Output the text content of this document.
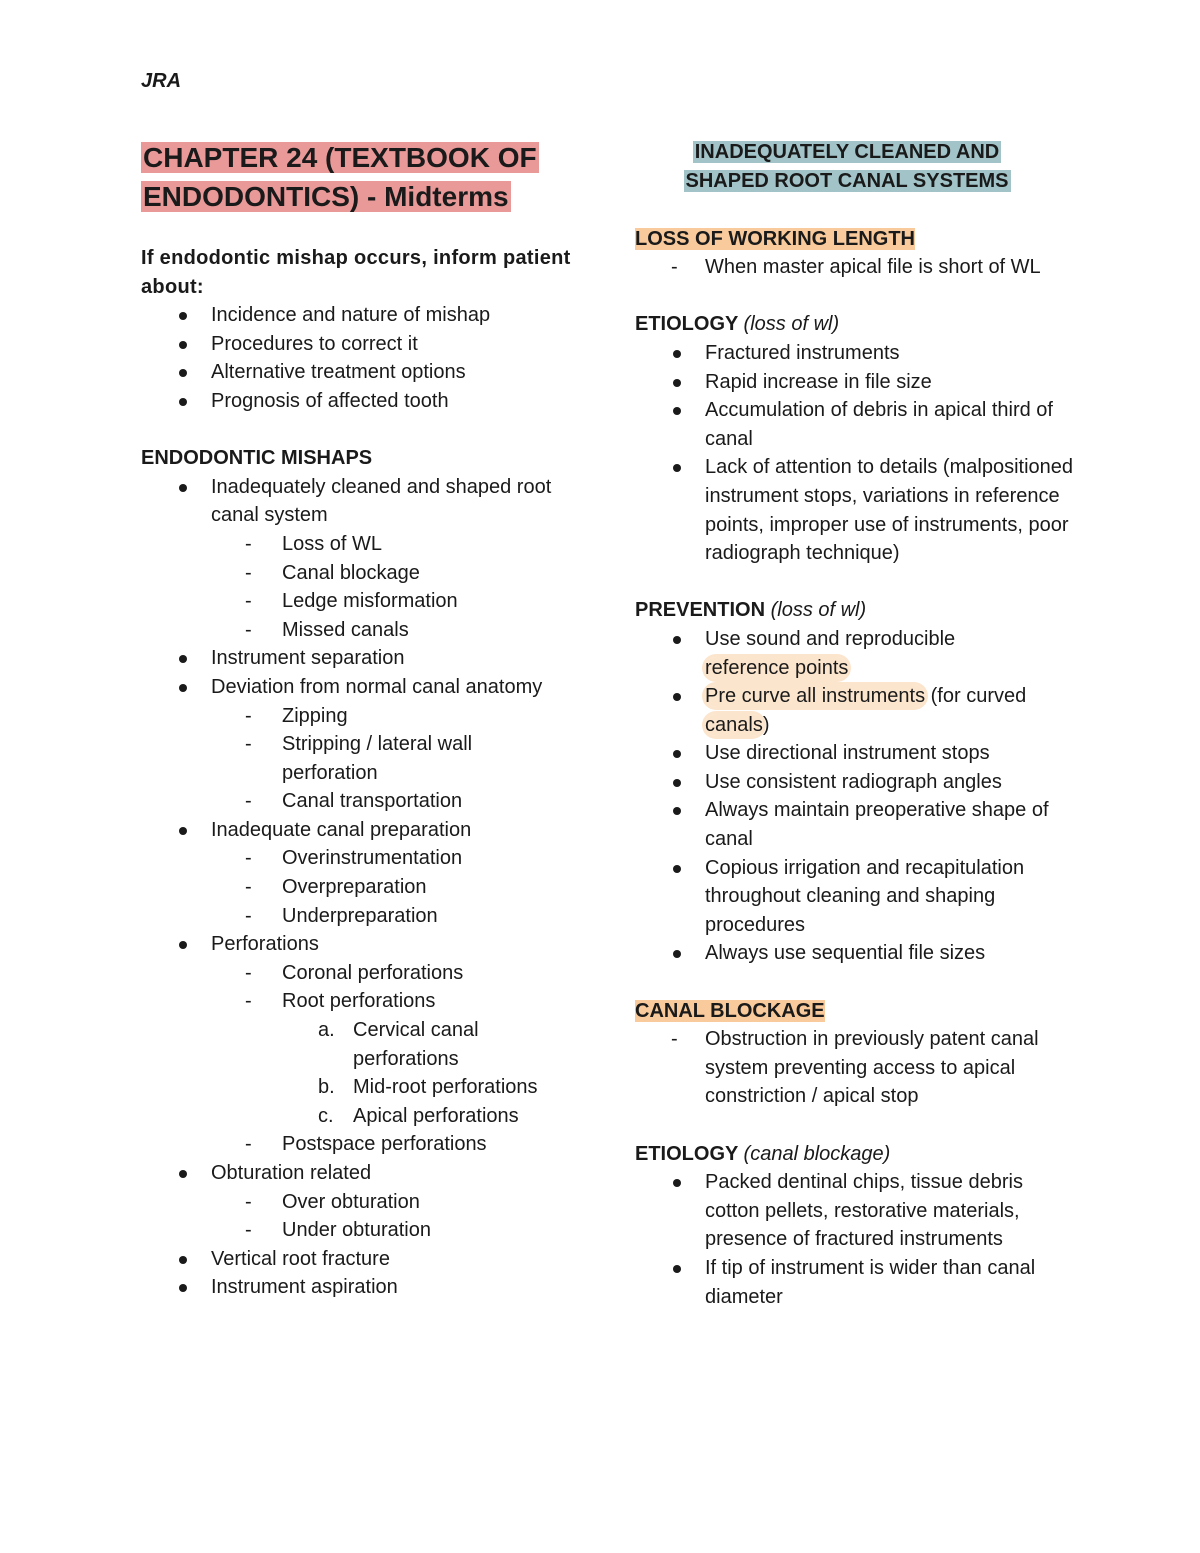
JRA
CHAPTER 24 (TEXTBOOK OF
ENDODONTICS) - Midterms
If endodontic mishap occurs, inform patient about:
Incidence and nature of mishap
Procedures to correct it
Alternative treatment options
Prognosis of affected tooth
ENDODONTIC MISHAPS
Inadequately cleaned and shaped root canal system
- Loss of WL
- Canal blockage
- Ledge misformation
- Missed canals
Instrument separation
Deviation from normal canal anatomy
- Zipping
- Stripping / lateral wall perforation
- Canal transportation
Inadequate canal preparation
- Overinstrumentation
- Overpreparation
- Underpreparation
Perforations
- Coronal perforations
- Root perforations
a. Cervical canal perforations
b. Mid-root perforations
c. Apical perforations
- Postspace perforations
Obturation related
- Over obturation
- Under obturation
Vertical root fracture
Instrument aspiration

INADEQUATELY CLEANED AND

SHAPED ROOT CANAL SYSTEMS

LOSS OF WORKING LENGTH
- When master apical file is short of WL
ETIOLOGY (loss of wl)
Fractured instruments
Rapid increase in file size
Accumulation of debris in apical third of canal
Lack of attention to details (malpositioned instrument stops, variations in reference points, improper use of instruments, poor radiograph technique)
PREVENTION (loss of wl)
Use sound and reproducible
reference points
Pre curve all instruments (for curved
canals)
Use directional instrument stops
Use consistent radiograph angles
Always maintain preoperative shape of canal
Copious irrigation and recapitulation throughout cleaning and shaping procedures
Always use sequential file sizes
CANAL BLOCKAGE
- Obstruction in previously patent canal system preventing access to apical constriction / apical stop
ETIOLOGY (canal blockage)
Packed dentinal chips, tissue debris cotton pellets, restorative materials, presence of fractured instruments
If tip of instrument is wider than canal diameter
